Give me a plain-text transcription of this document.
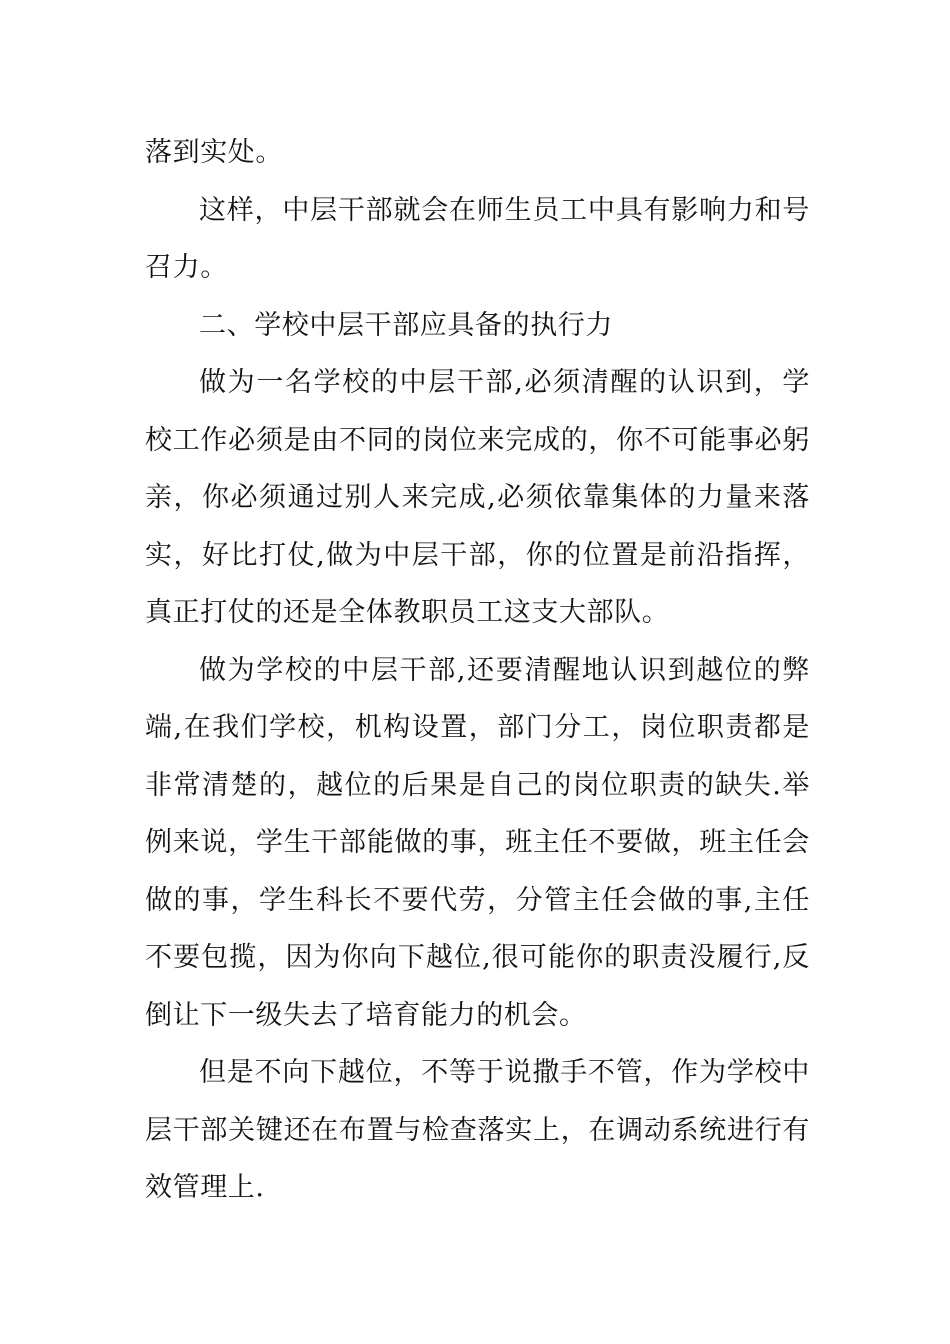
落到实处。

这样，中层干部就会在师生员工中具有影响力和号召力。

二、学校中层干部应具备的执行力

做为一名学校的中层干部,必须清醒的认识到，学校工作必须是由不同的岗位来完成的，你不可能事必躬亲，你必须通过别人来完成,必须依靠集体的力量来落实，好比打仗,做为中层干部，你的位置是前沿指挥，真正打仗的还是全体教职员工这支大部队。

做为学校的中层干部,还要清醒地认识到越位的弊端,在我们学校，机构设置，部门分工，岗位职责都是非常清楚的，越位的后果是自己的岗位职责的缺失.举例来说，学生干部能做的事，班主任不要做，班主任会做的事，学生科长不要代劳，分管主任会做的事,主任不要包揽，因为你向下越位,很可能你的职责没履行,反倒让下一级失去了培育能力的机会。

但是不向下越位，不等于说撒手不管，作为学校中层干部关键还在布置与检查落实上，在调动系统进行有效管理上.
